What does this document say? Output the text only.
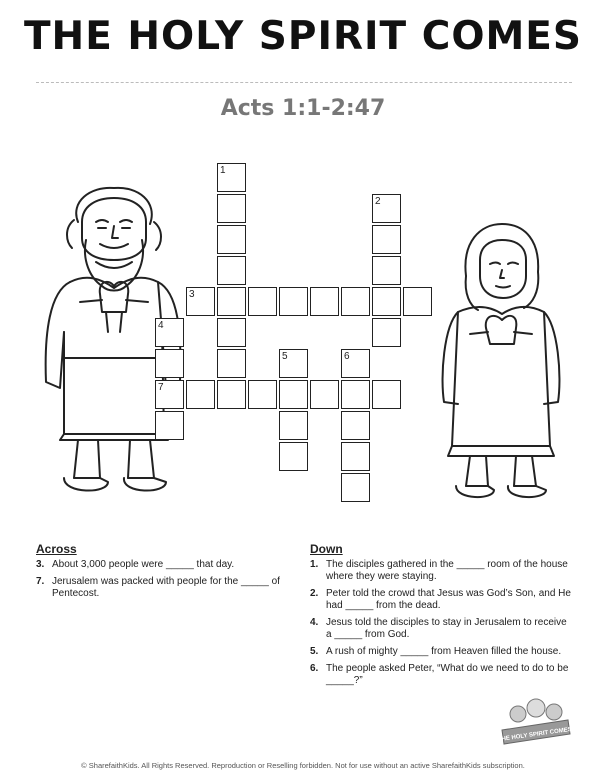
THE HOLY SPIRIT COMES
Acts 1:1-2:47
1
2
3
4
5	6
7
Across
3. About 3,000 people were _____ that day.
7. Jerusalem was packed with people for the _____ of Pentecost.
Down
1. The disciples gathered in the _____ room of the house where they were staying.
2. Peter told the crowd that Jesus was God’s Son, and He had _____ from the dead.
4. Jesus told the disciples to stay in Jerusalem to receive a _____ from God.
5. A rush of mighty _____ from Heaven filled the house.
6. The people asked Peter, “What do we need to do to be _____?”
THE HOLY SPIRIT COMES
© SharefaithKids. All Rights Reserved. Reproduction or Reselling forbidden. Not for use without an active SharefaithKids subscription.
